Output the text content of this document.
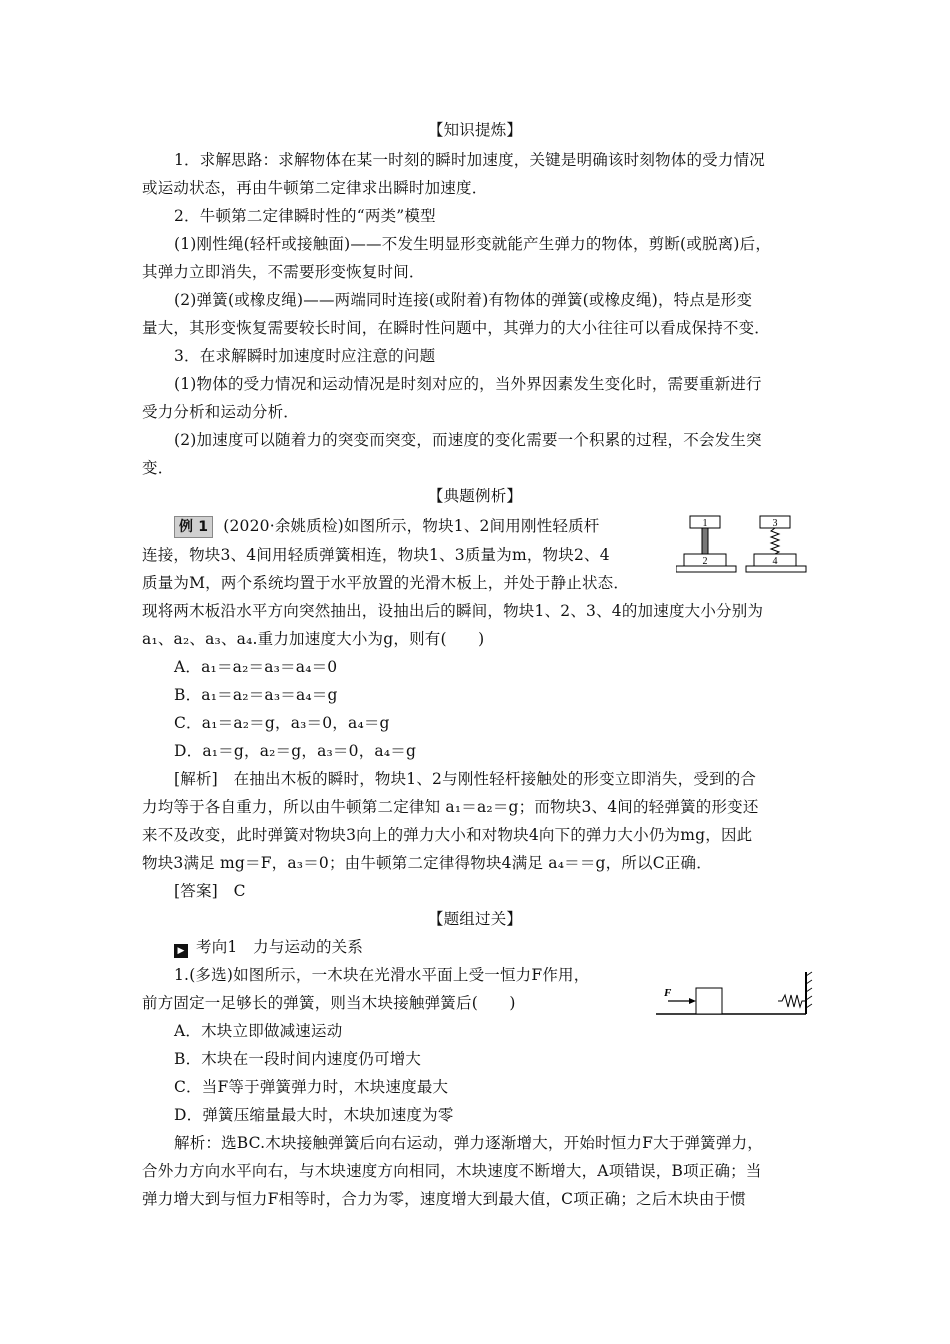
【知识提炼】
1．求解思路：求解物体在某一时刻的瞬时加速度，关键是明确该时刻物体的受力情况
或运动状态，再由牛顿第二定律求出瞬时加速度．
2．牛顿第二定律瞬时性的“两类”模型
(1)刚性绳(轻杆或接触面)——不发生明显形变就能产生弹力的物体，剪断(或脱离)后，
其弹力立即消失，不需要形变恢复时间．
(2)弹簧(或橡皮绳)——两端同时连接(或附着)有物体的弹簧(或橡皮绳)，特点是形变
量大，其形变恢复需要较长时间，在瞬时性问题中，其弹力的大小往往可以看成保持不变．
3．在求解瞬时加速度时应注意的问题
(1)物体的受力情况和运动情况是时刻对应的，当外界因素发生变化时，需要重新进行
受力分析和运动分析．
(2)加速度可以随着力的突变而突变，而速度的变化需要一个积累的过程，不会发生突
变．
【典题例析】
例 1 (2020·余姚质检)如图所示，物块1、2间用刚性轻质杆
连接，物块3、4间用轻质弹簧相连，物块1、3质量为m，物块2、4
质量为M，两个系统均置于水平放置的光滑木板上，并处于静止状态．
现将两木板沿水平方向突然抽出，设抽出后的瞬间，物块1、2、3、4的加速度大小分别为
a₁、a₂、a₃、a₄.重力加速度大小为g，则有(　　)
A．a₁＝a₂＝a₃＝a₄＝0
B．a₁＝a₂＝a₃＝a₄＝g
C．a₁＝a₂＝g，a₃＝0，a₄＝g
D．a₁＝g，a₂＝g，a₃＝0，a₄＝g
[解析]　在抽出木板的瞬时，物块1、2与刚性轻杆接触处的形变立即消失，受到的合
力均等于各自重力，所以由牛顿第二定律知 a₁＝a₂＝g；而物块3、4间的轻弹簧的形变还
来不及改变，此时弹簧对物块3向上的弹力大小和对物块4向下的弹力大小仍为mg，因此
物块3满足 mg＝F，a₃＝0；由牛顿第二定律得物块4满足 a₄＝＝g，所以C正确．
[答案]　C
1
2
3
4
【题组过关】
▶ 考向1　力与运动的关系
1.(多选)如图所示，一木块在光滑水平面上受一恒力F作用，
前方固定一足够长的弹簧，则当木块接触弹簧后(　　)
A．木块立即做减速运动
B．木块在一段时间内速度仍可增大
C．当F等于弹簧弹力时，木块速度最大
D．弹簧压缩量最大时，木块加速度为零
解析：选BC.木块接触弹簧后向右运动，弹力逐渐增大，开始时恒力F大于弹簧弹力，
合外力方向水平向右，与木块速度方向相同，木块速度不断增大，A项错误，B项正确；当
弹力增大到与恒力F相等时，合力为零，速度增大到最大值，C项正确；之后木块由于惯
F
